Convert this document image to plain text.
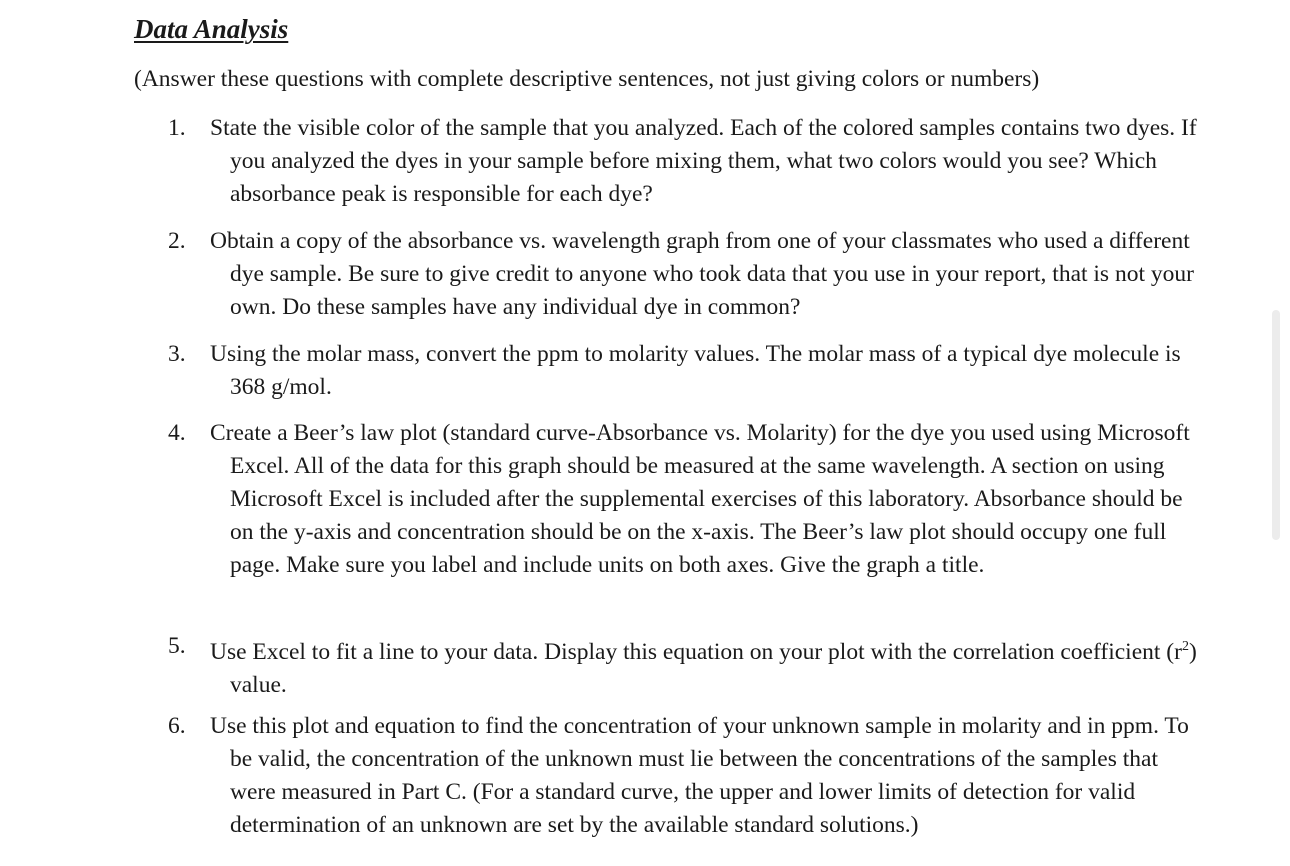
Data Analysis

(Answer these questions with complete descriptive sentences, not just giving colors or numbers)

1. State the visible color of the sample that you analyzed. Each of the colored samples contains two dyes. If you analyzed the dyes in your sample before mixing them, what two colors would you see? Which absorbance peak is responsible for each dye?
2. Obtain a copy of the absorbance vs. wavelength graph from one of your classmates who used a different dye sample. Be sure to give credit to anyone who took data that you use in your report, that is not your own. Do these samples have any individual dye in common?
3. Using the molar mass, convert the ppm to molarity values. The molar mass of a typical dye molecule is 368 g/mol.
4. Create a Beer’s law plot (standard curve-Absorbance vs. Molarity) for the dye you used using Microsoft Excel. All of the data for this graph should be measured at the same wavelength. A section on using Microsoft Excel is included after the supplemental exercises of this laboratory. Absorbance should be on the y-axis and concentration should be on the x-axis. The Beer’s law plot should occupy one full page. Make sure you label and include units on both axes. Give the graph a title.
5. Use Excel to fit a line to your data. Display this equation on your plot with the correlation coefficient $(r^2)$ value.
6. Use this plot and equation to find the concentration of your unknown sample in molarity and in ppm. To be valid, the concentration of the unknown must lie between the concentrations of the samples that were measured in Part C. (For a standard curve, the upper and lower limits of detection for valid determination of an unknown are set by the available standard solutions.)
